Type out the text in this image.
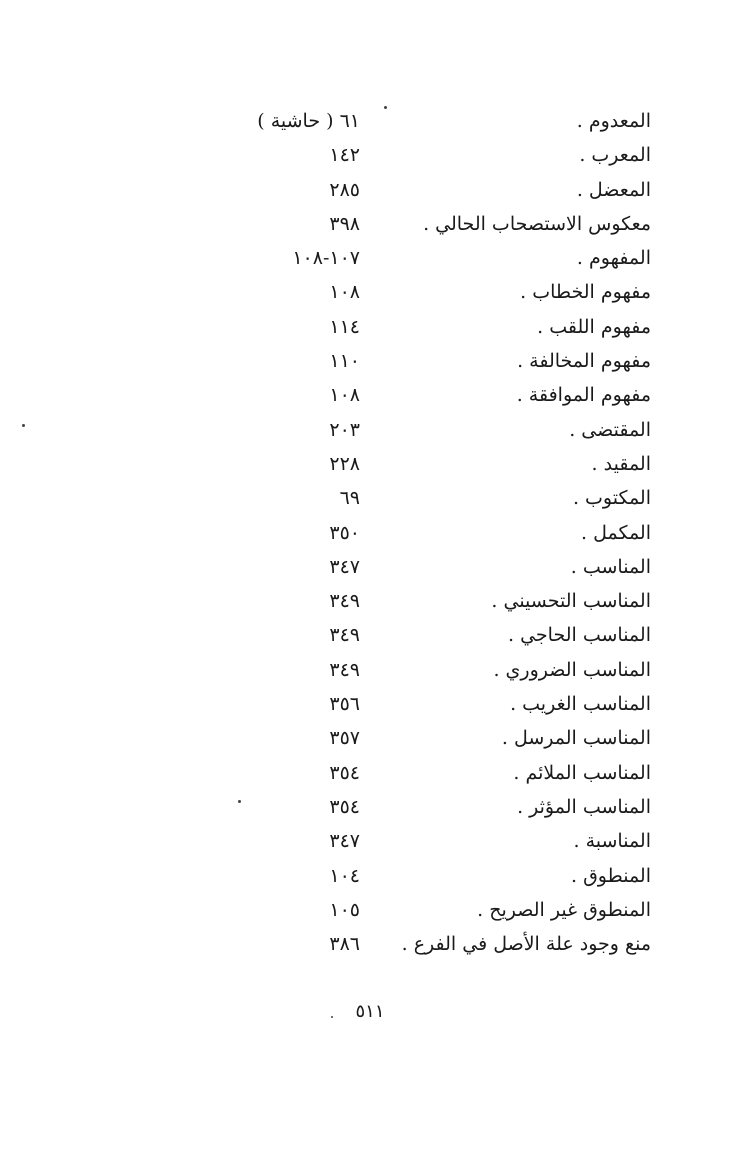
المعدوم .
٦١ ( حاشية )
المعرب .
١٤٢
المعضل .
٢٨٥
معكوس الاستصحاب الحالي .
٣٩٨
المفهوم .
١٠٧-١٠٨
مفهوم الخطاب .
١٠٨
مفهوم اللقب .
١١٤
مفهوم المخالفة .
١١٠
مفهوم الموافقة .
١٠٨
المقتضى .
٢٠٣
المقيد .
٢٢٨
المكتوب .
٦٩
المكمل .
٣٥٠
المناسب .
٣٤٧
المناسب التحسيني .
٣٤٩
المناسب الحاجي .
٣٤٩
المناسب الضروري .
٣٤٩
المناسب الغريب .
٣٥٦
المناسب المرسل .
٣٥٧
المناسب الملائم .
٣٥٤
المناسب المؤثر .
٣٥٤
المناسبة .
٣٤٧
المنطوق .
١٠٤
المنطوق غير الصريح .
١٠٥
منع وجود علة الأصل في الفرع .
٣٨٦
٥١١
